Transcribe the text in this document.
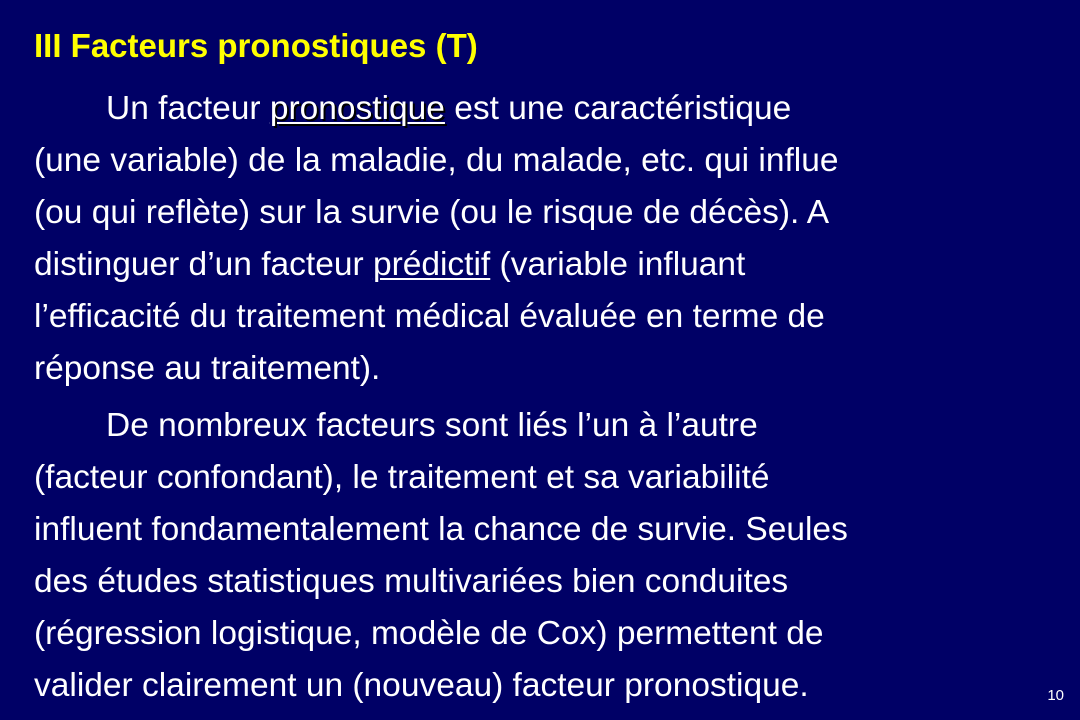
III Facteurs pronostiques (T)

Un facteur pronostique est une caractéristique
(une variable) de la maladie, du malade, etc. qui influe
(ou qui reflète) sur la survie (ou le risque de décès). A
distinguer d’un facteur prédictif (variable influant
l’efficacité du traitement médical évaluée en terme de
réponse au traitement).

De nombreux facteurs sont liés l’un à l’autre
(facteur confondant), le traitement et sa variabilité
influent fondamentalement la chance de survie. Seules
des études statistiques multivariées bien conduites
(régression logistique, modèle de Cox) permettent de
valider clairement un (nouveau) facteur pronostique.	10
